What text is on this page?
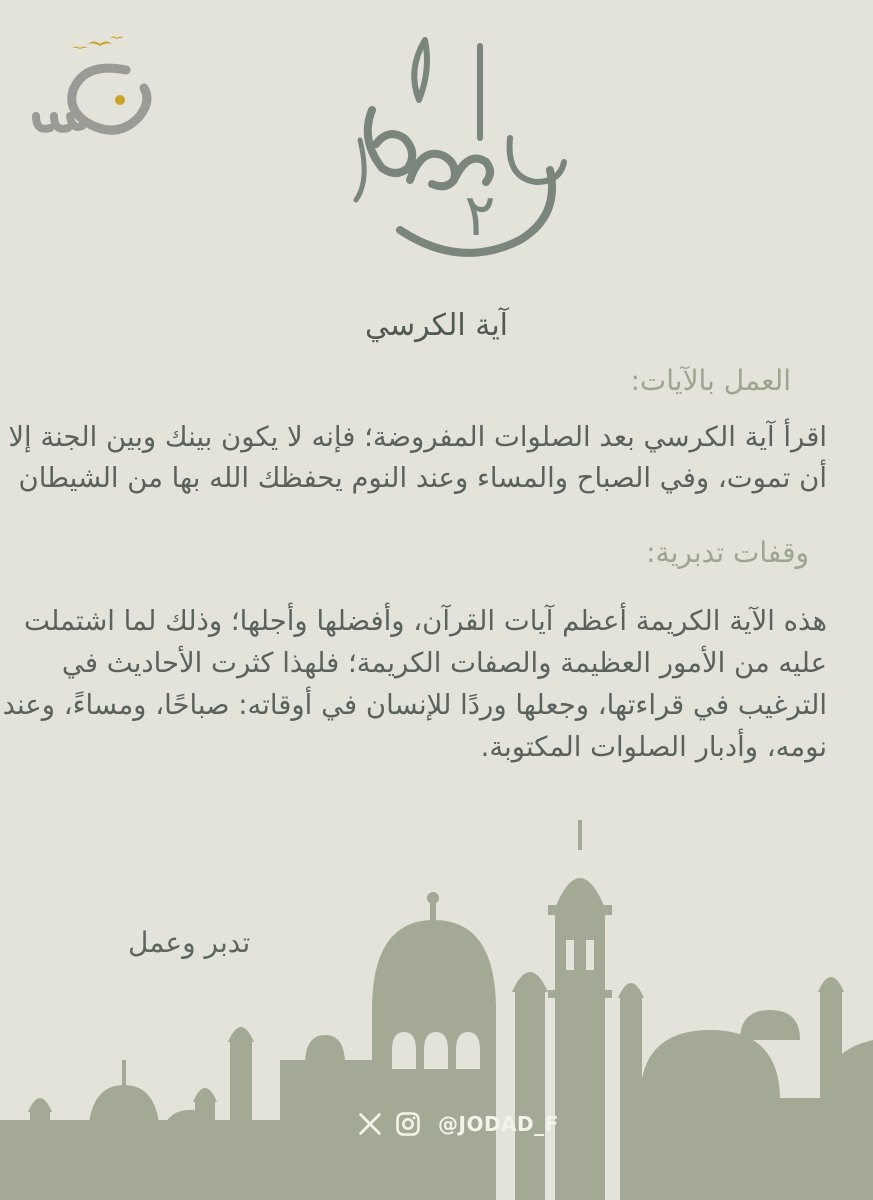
٢
آية الكرسي
العمل بالآيات:
اقرأ آية الكرسي بعد الصلوات المفروضة؛ فإنه لا يكون بينك وبين الجنة إلا
أن تموت، وفي الصباح والمساء وعند النوم يحفظك الله بها من الشيطان
وقفات تدبرية:
هذه الآية الكريمة أعظم آيات القرآن، وأفضلها وأجلها؛ وذلك لما اشتملت
عليه من الأمور العظيمة والصفات الكريمة؛ فلهذا كثرت الأحاديث في
الترغيب في قراءتها، وجعلها وردًا للإنسان في أوقاته: صباحًا، ومساءً، وعند
نومه، وأدبار الصلوات المكتوبة.
@JODAD_F
تدبر وعمل
